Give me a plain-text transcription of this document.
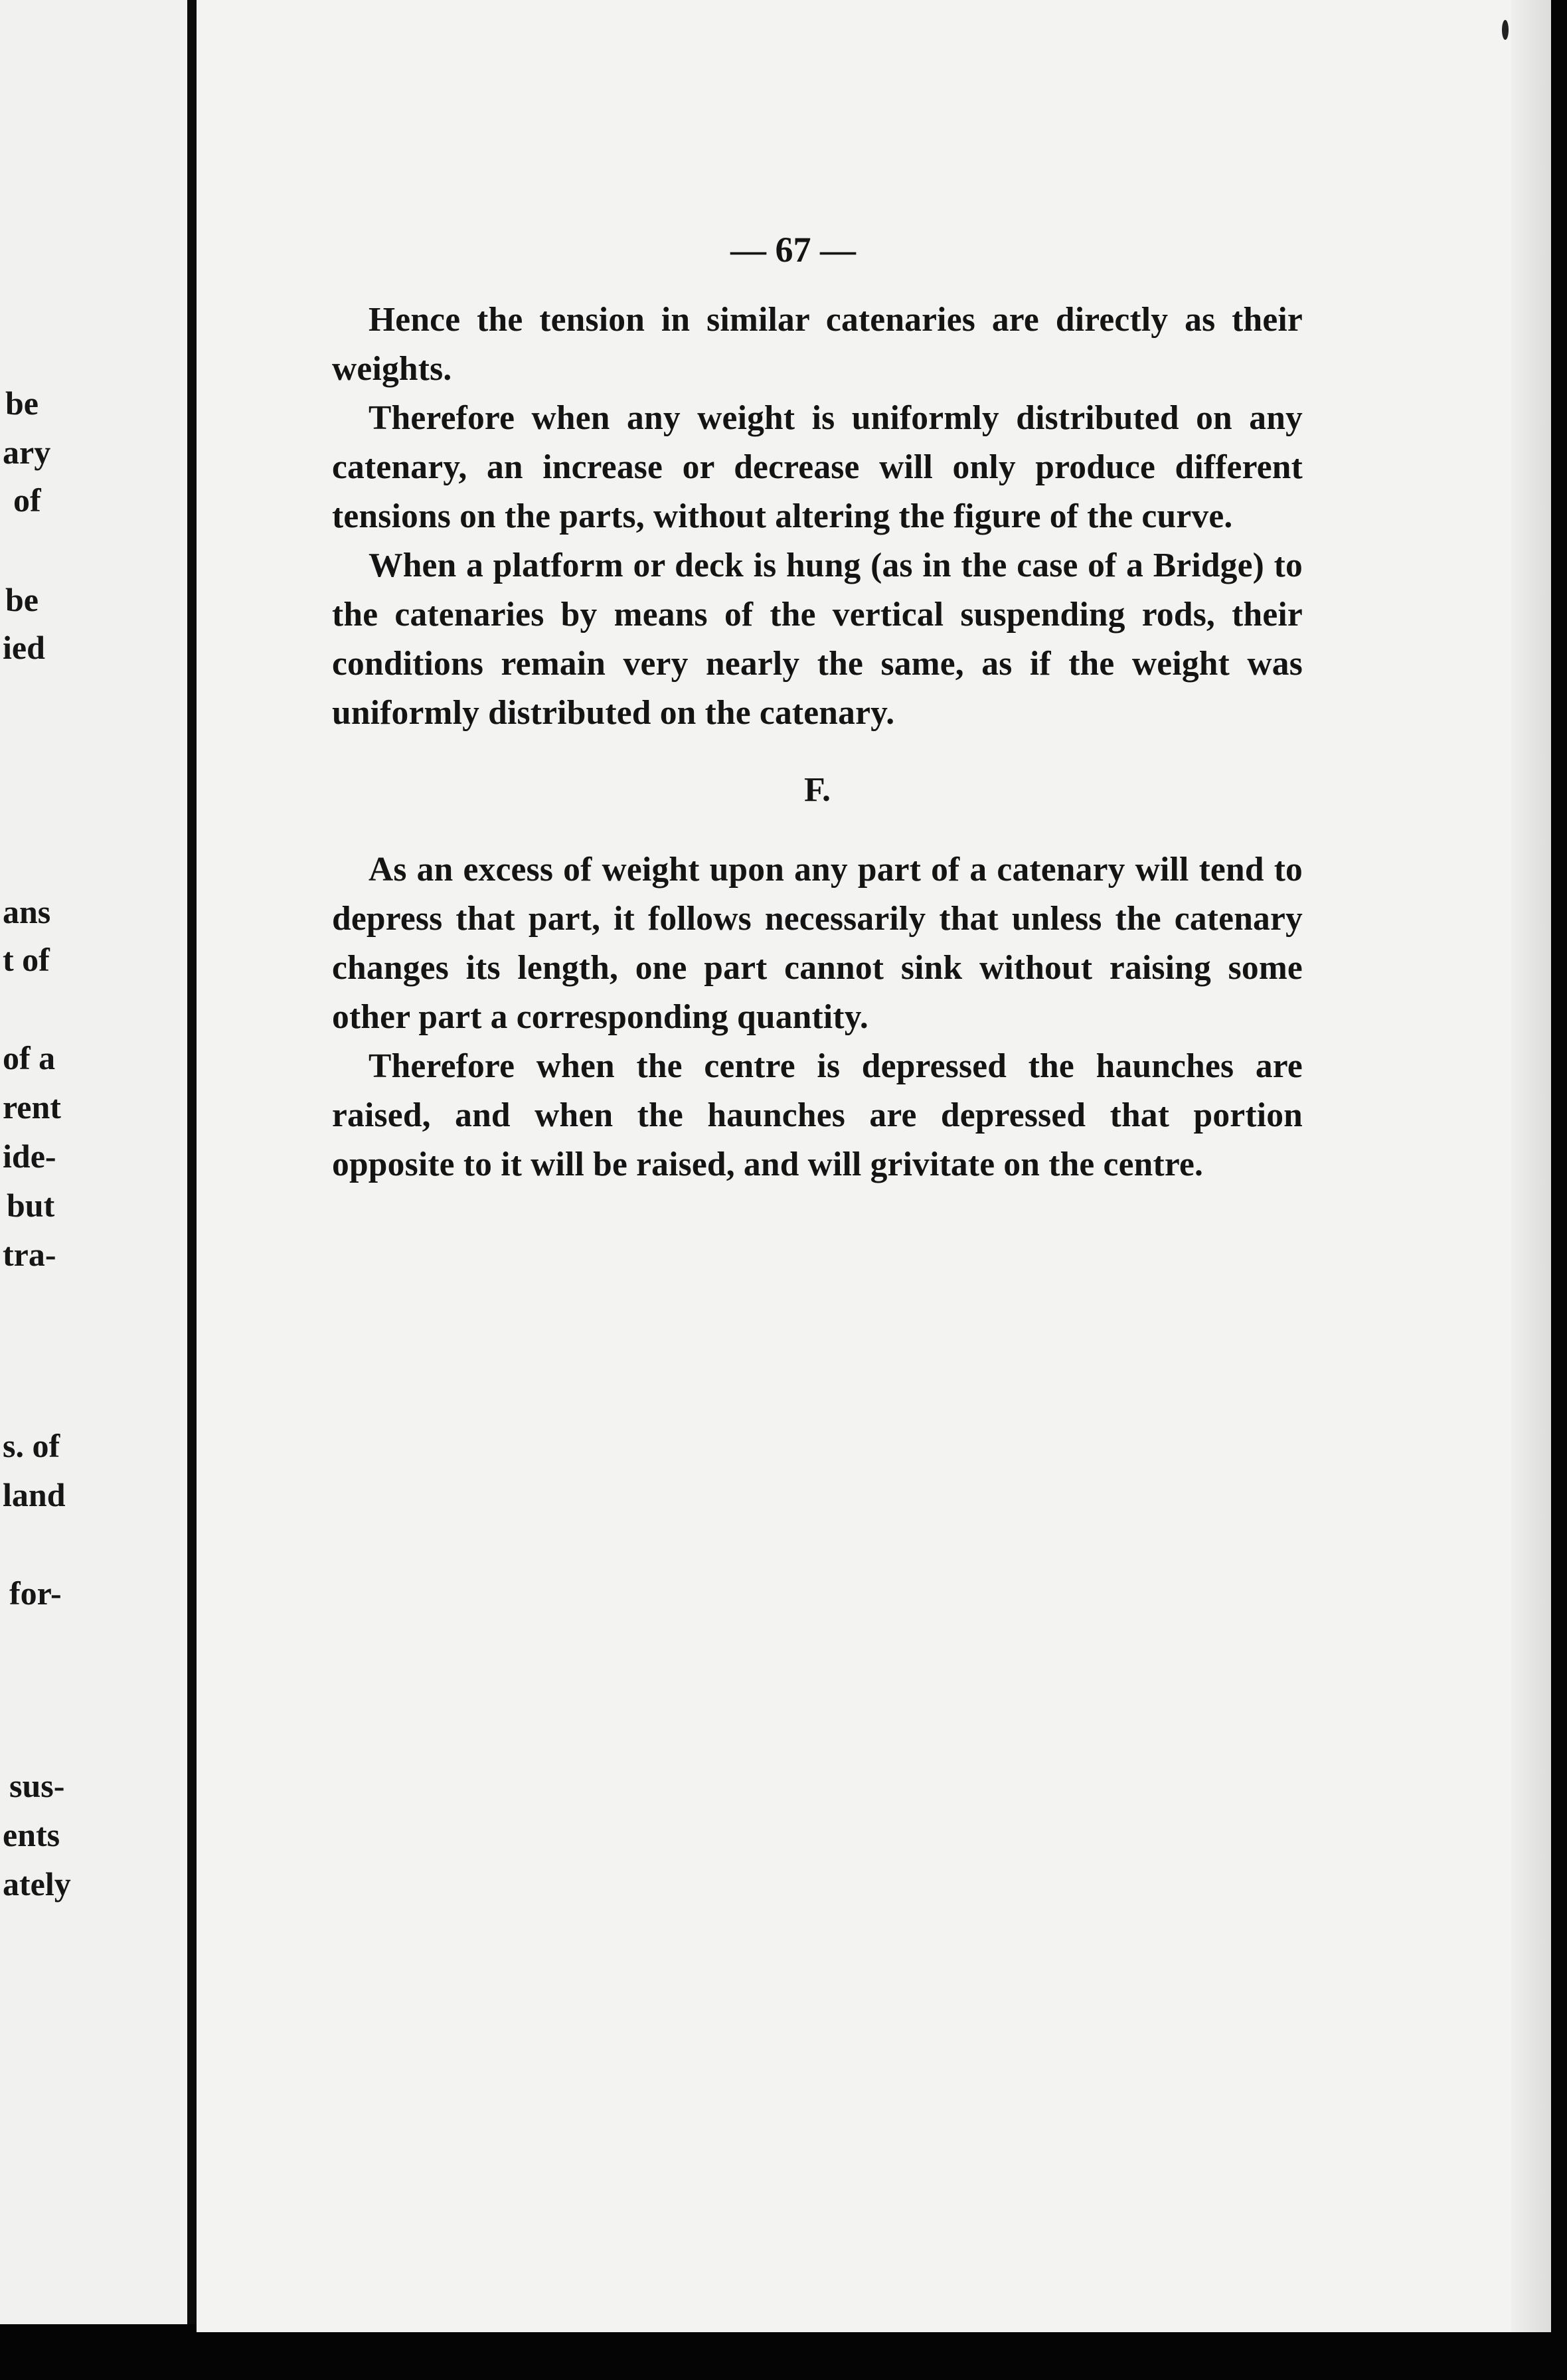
be
ary
of
be
ied
ans
t of
of a
rent
ide-
but
tra-
s. of
land
for-
sus-
ents
ately
— 67 —

Hence the tension in similar catenaries are directly as their weights.

Therefore when any weight is uniformly distributed on any catenary, an increase or decrease will only produce different tensions on the parts, without altering the figure of the curve.

When a platform or deck is hung (as in the case of a Bridge) to the catenaries by means of the vertical suspending rods, their conditions remain very nearly the same, as if the weight was uniformly distributed on the catenary.

F.

As an excess of weight upon any part of a catenary will tend to depress that part, it follows necessarily that unless the catenary changes its length, one part cannot sink without raising some other part a corresponding quantity.

Therefore when the centre is depressed the haunches are raised, and when the haunches are depressed that portion opposite to it will be raised, and will grivitate on the centre.
